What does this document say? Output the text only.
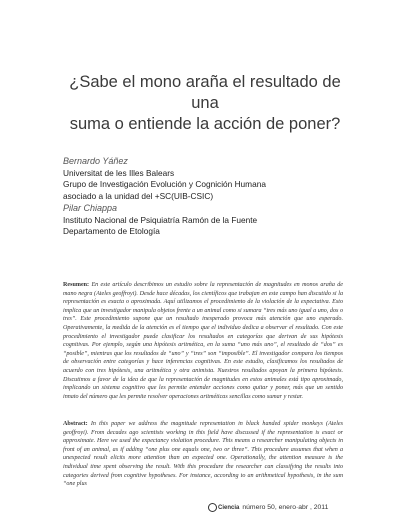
¿Sabe el mono araña el resultado de una
suma o entiende la acción de poner?
Bernardo Yáñez
Universitat de les Illes Balears
Grupo de Investigación Evolución y Cognición Humana
asociado a la unidad del +SC(UIB-CSIC)
Pilar Chiappa
Instituto Nacional de Psiquiatría Ramón de la Fuente
Departamento de Etología

Resumen: En este artículo describimos un estudio sobre la representación de magnitudes en monos araña de mano negra (Ateles geoffroyi). Desde hace décadas, los científicos que trabajan en este campo han discutido si la representación es exacta o aproximada. Aquí utilizamos el procedimiento de la violación de la expectativa. Esto implica que un investigador manipula objetos frente a un animal como si sumara “tres más uno igual a uno, dos o tres”. Este procedimiento supone que un resultado inesperado provoca más atención que uno esperado. Operativamente, la medida de la atención es el tiempo que el individuo dedica a observar el resultado. Con este procedimiento el investigador puede clasificar los resultados en categorías que derivan de sus hipótesis cognitivas. Por ejemplo, según una hipótesis aritmética, en la suma “uno más uno”, el resultado de “dos” es “posible”, mientras que los resultados de “uno” y “tres” son “imposible”. El investigador compara los tiempos de observación entre categorías y hace inferencias cognitivas. En este estudio, clasificamos los resultados de acuerdo con tres hipótesis, una aritmética y otra animista. Nuestros resultados apoyan la primera hipótesis. Discutimos a favor de la idea de que la representación de magnitudes en estos animales está tipo aproximado, implicando un sistema cognitivo que les permite entender acciones como quitar y poner, más que un sentido innato del número que les permite resolver operaciones aritméticas sencillas como sumar y restar.

Abstract: In this paper we address the magnitude representation in black handed spider monkeys (Ateles geoffroyi). From decades ago scientists working in this field have discussed if the representation is exact or approximate. Here we used the expectancy violation procedure. This means a researcher manipulating objects in front of an animal, as if adding “one plus one equals one, two or three”. This procedure assumes that when a unexpected result elicits more attention than an expected one. Operationally, the attention measure is the individual time spent observing the result. With this procedure the researcher can classifying the results into categories derived from cognitive hypotheses. For instance, according to an arithmetical hypothesis, in the sum “one plus

Ciencia número 50, enero·abr , 2011
